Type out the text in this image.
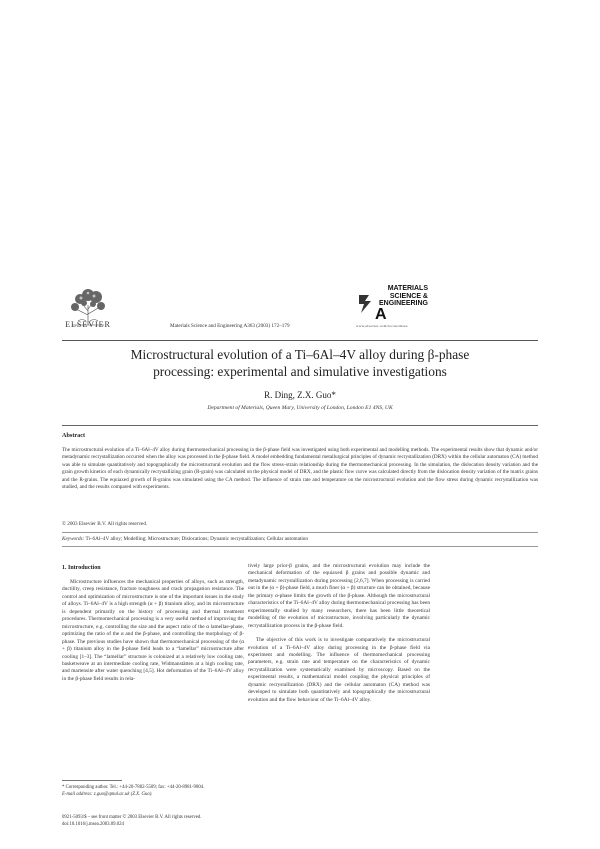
ELSEVIER	Materials Science and Engineering A363 (2003) 172–179
MATERIALS
SCIENCE &
ENGINEERING
A
www.elsevier.com/locate/msea
Microstructural evolution of a Ti–6Al–4V alloy during β-phase
processing: experimental and simulative investigations
R. Ding, Z.X. Guo*
Department of Materials, Queen Mary, University of London, London E1 4NS, UK
Abstract
The microstructural evolution of a Ti–6Al–4V alloy during thermomechanical processing in the β-phase field was investigated using both experimental and modelling methods. The experimental results show that dynamic and/or metadynamic recrystallization occurred when the alloy was processed in the β-phase field. A model embedding fundamental metallurgical principles of dynamic recrystallization (DRX) within the cellular automaton (CA) method was able to simulate quantitatively and topographically the microstructural evolution and the flow stress–strain relationship during the thermomechanical processing. In the simulation, the dislocation density variation and the grain growth kinetics of each dynamically recrystallizing grain (R-grain) was calculated on the physical model of DRX, and the plastic flow curve was calculated directly from the dislocation density variation of the matrix grains and the R-grains. The equiaxed growth of R-grains was simulated using the CA method. The influence of strain rate and temperature on the microstructural evolution and the flow stress during dynamic recrystallization was studied, and the results compared with experiments.
© 2003 Elsevier B.V. All rights reserved.
Keywords: Ti–6Al–4V alloy; Modelling; Microstructure; Dislocations; Dynamic recrystallization; Cellular automation
1. Introduction

Microstructure influences the mechanical properties of alloys, such as strength, ductility, creep resistance, fracture toughness and crack propagation resistance. The control and optimization of microstructure is one of the important issues in the study of alloys. Ti–6Al–4V is a high strength (α + β) titanium alloy, and its microstructure is dependent primarily on the history of processing and thermal treatment procedures. Thermomechanical processing is a very useful method of improving the microstructure, e.g. controlling the size and the aspect ratio of the α lamellae-phase, optimizing the ratio of the α and the β-phase, and controlling the morphology of β-phase. The previous studies have shown that thermomechanical processing of the (α + β) titanium alloy in the β-phase field leads to a “lamellar” microstructure after cooling [1–3]. The “lamellar” structure is colonized at a relatively low cooling rate, basketweave at an intermediate cooling rate, Widmanstätten at a high cooling rate, and martensite after water quenching [4,5]. Hot deformation of the Ti–6Al–4V alloy in the β-phase field results in rela-

tively large prior-β grains, and the microstructural evolution may include the mechanical deformation of the equiaxed β grains and possible dynamic and metadynamic recrystallization during processing [2,6,7]. When processing is carried out in the (α + β)-phase field, a much finer (α + β) structure can be obtained, because the primary α-phase limits the growth of the β-phase. Although the microstructural characteristics of the Ti–6Al–4V alloy during thermomechanical processing has been experimentally studied by many researchers, there has been little theoretical modelling of the evolution of microstructure, involving particularly the dynamic recrystallization process in the β-phase field.

The objective of this work is to investigate comparatively the microstructural evolution of a Ti–6Al–4V alloy during processing in the β-phase field via experiment and modelling. The influence of thermomechanical processing parameters, e.g. strain rate and temperature on the characteristics of dynamic recrystallization were systematically examined by microscopy. Based on the experimental results, a mathematical model coupling the physical principles of dynamic recrystallization (DRX) and the cellular automaton (CA) method was developed to simulate both quantitatively and topographically the microstructural evolution and the flow behaviour of the Ti–6Al–4V alloy.

* Corresponding author. Tel.: +44-20-7882-5509; fax: +44-20-8981-9804.

E-mail address: z.guo@qmul.ac.uk (Z.X. Guo).

0921-5093/$ – see front matter © 2003 Elsevier B.V. All rights reserved.
doi:10.1016/j.msea.2003.09.024
